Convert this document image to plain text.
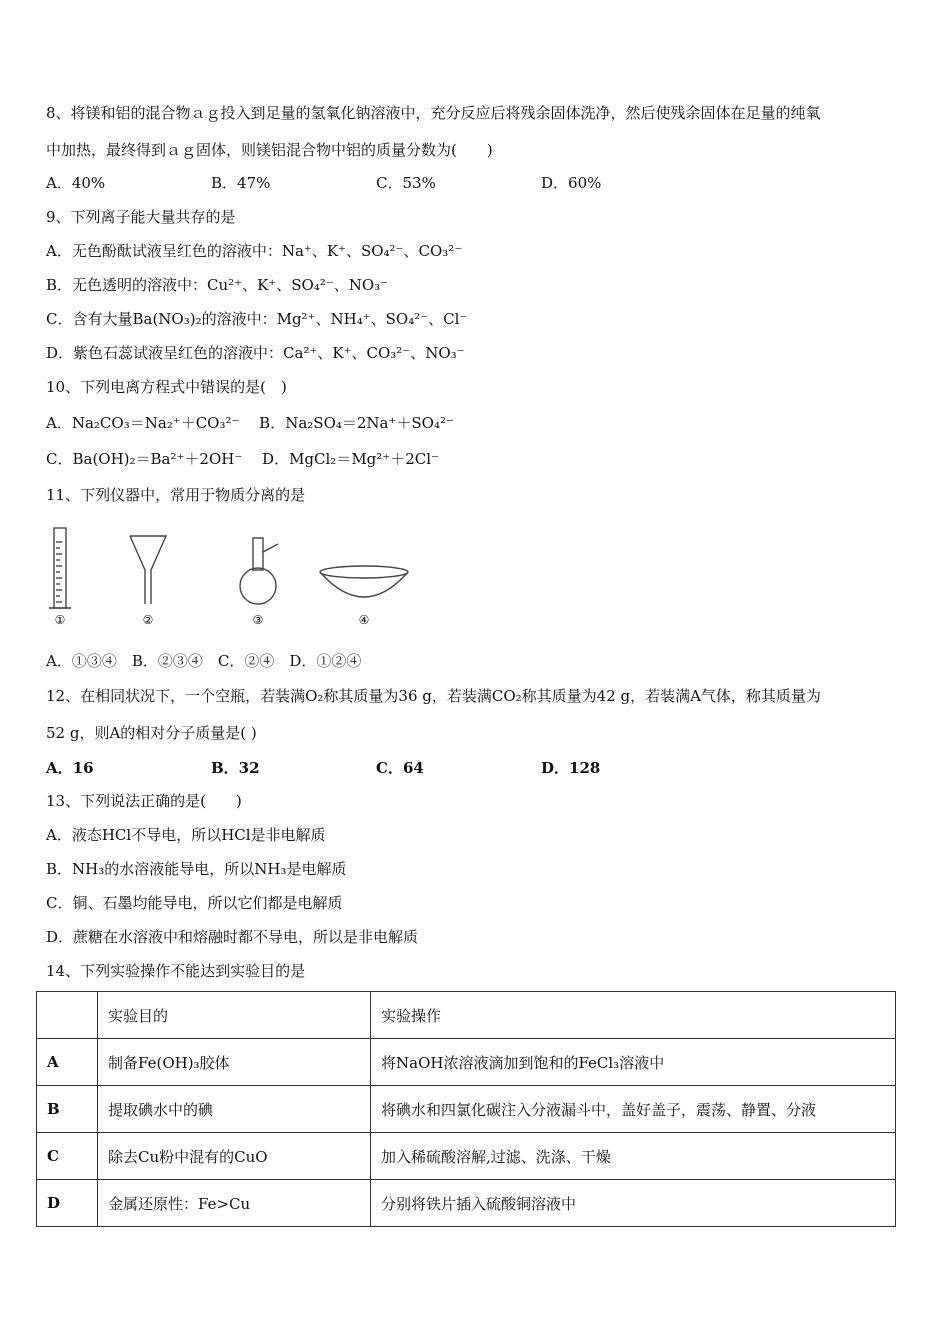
8、将镁和铝的混合物ａｇ投入到足量的氢氧化钠溶液中，充分反应后将残余固体洗净，然后使残余固体在足量的纯氧
中加热，最终得到ａｇ固体，则镁铝混合物中铝的质量分数为(　　)
A．40%	B．47%	C．53%	D．60%
9、下列离子能大量共存的是
A．无色酚酞试液呈红色的溶液中：Na⁺、K⁺、SO₄²⁻、CO₃²⁻
B．无色透明的溶液中：Cu²⁺、K⁺、SO₄²⁻、NO₃⁻
C．含有大量Ba(NO₃)₂的溶液中：Mg²⁺、NH₄⁺、SO₄²⁻、Cl⁻
D．紫色石蕊试液呈红色的溶液中：Ca²⁺、K⁺、CO₃²⁻、NO₃⁻
10、下列电离方程式中错误的是(　)
A．Na₂CO₃＝Na₂⁺＋CO₃²⁻　 B．Na₂SO₄＝2Na⁺＋SO₄²⁻
C．Ba(OH)₂＝Ba²⁺＋2OH⁻　 D．MgCl₂＝Mg²⁺＋2Cl⁻
11、下列仪器中，常用于物质分离的是
①	②	③	④
A．①③④　B．②③④　C．②④　D．①②④
12、在相同状况下，一个空瓶，若装满O₂称其质量为36 g，若装满CO₂称其质量为42 g，若装满A气体，称其质量为
52 g，则A的相对分子质量是( )
A．16	B．32	C．64	D．128
13、下列说法正确的是(　　)
A．液态HCl不导电，所以HCl是非电解质
B．NH₃的水溶液能导电，所以NH₃是电解质
C．铜、石墨均能导电，所以它们都是电解质
D．蔗糖在水溶液中和熔融时都不导电，所以是非电解质
14、下列实验操作不能达到实验目的是
	实验目的	实验操作
A	制备Fe(OH)₃胶体	将NaOH浓溶液滴加到饱和的FeCl₃溶液中
B	提取碘水中的碘	将碘水和四氯化碳注入分液漏斗中，盖好盖子，震荡、静置、分液
C	除去Cu粉中混有的CuO	加入稀硫酸溶解,过滤、洗涤、干燥
D	金属还原性：Fe>Cu	分别将铁片插入硫酸铜溶液中
